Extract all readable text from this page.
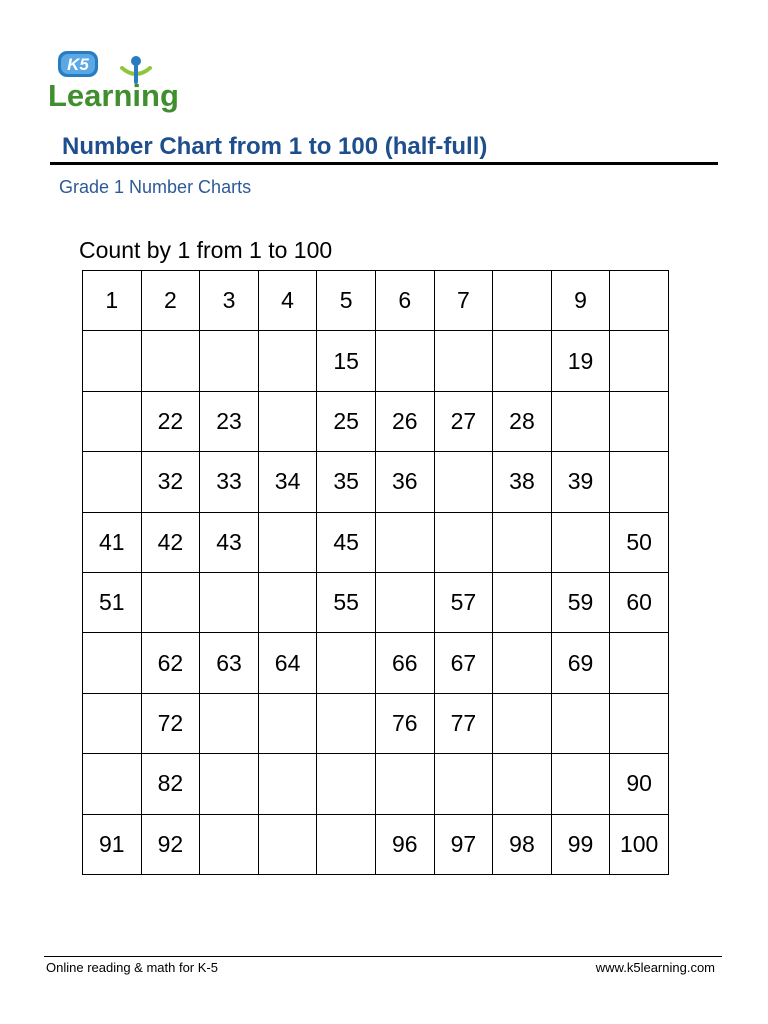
K5
Learning
Number Chart from 1 to 100 (half-full)
Grade 1 Number Charts
Count by 1 from 1 to 100
1	2	3	4	5	6	7		9	
				15				19	
	22	23		25	26	27	28		
	32	33	34	35	36		38	39	
41	42	43		45					50
51				55		57		59	60
	62	63	64		66	67		69	
	72				76	77			
	82								90
91	92				96	97	98	99	100
Online reading & math for K-5	www.k5learning.com
